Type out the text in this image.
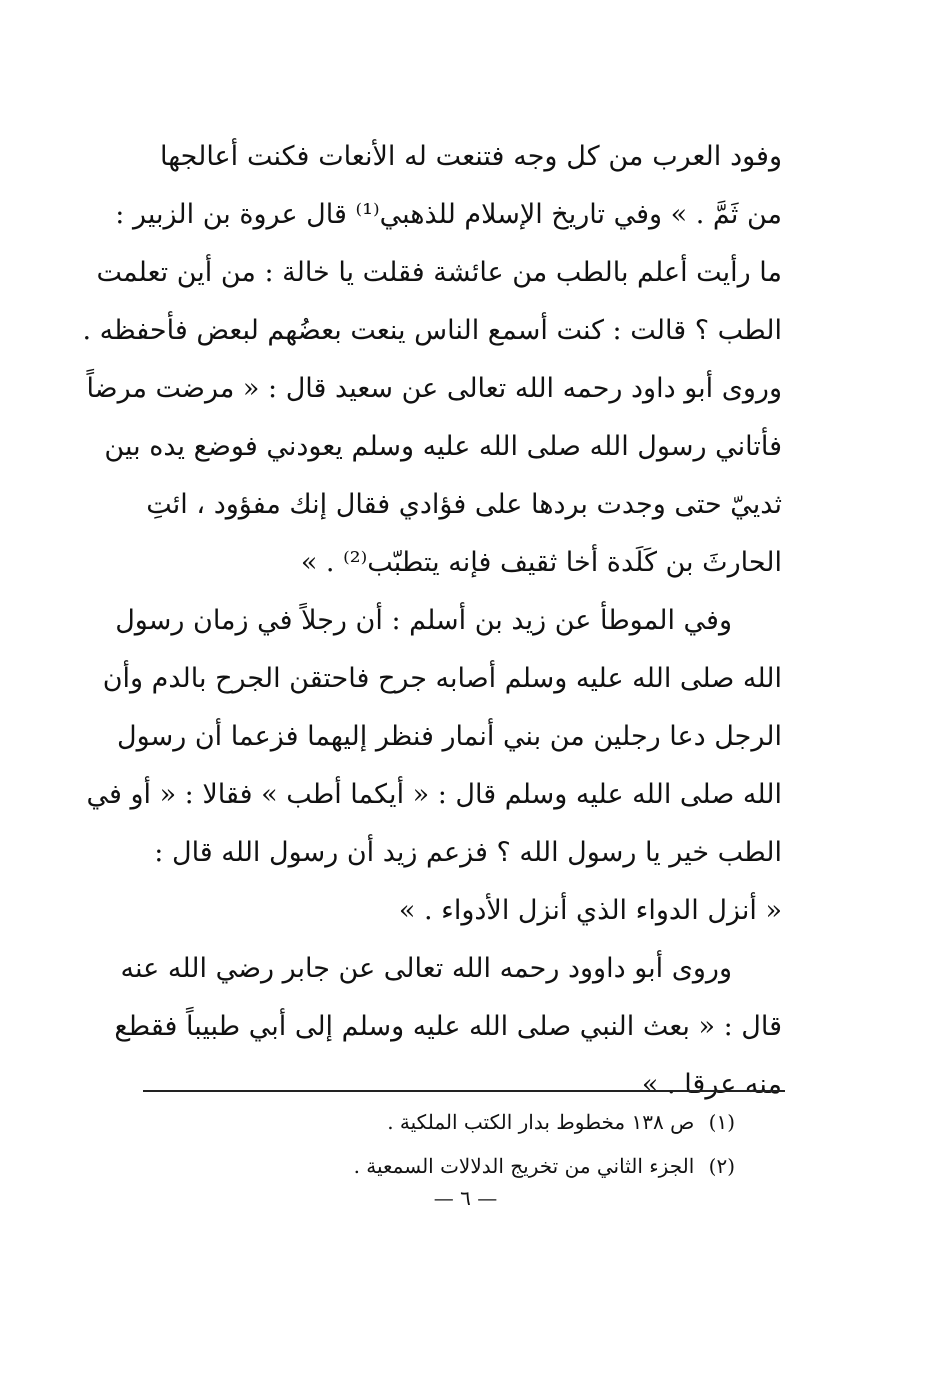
وفود العرب من كل وجه فتنعت له الأنعات فكنت أعالجها
من ثَمَّ . » وفي تاريخ الإسلام للذهبي⁽¹⁾ قال عروة بن الزبير :
ما رأيت أعلم بالطب من عائشة فقلت يا خالة : من أين تعلمت
الطب ؟ قالت : كنت أسمع الناس ينعت بعضُهم لبعض فأحفظه .
وروى أبو داود رحمه الله تعالى عن سعيد قال : « مرضت مرضاً
فأتاني رسول الله صلى الله عليه وسلم يعودني فوضع يده بين
ثدييّ حتى وجدت بردها على فؤادي فقال إنك مفؤود ، ائتِ
الحارثَ بن كَلَدة أخا ثقيف فإنه يتطبّب⁽²⁾ . »
وفي الموطأ عن زيد بن أسلم : أن رجلاً في زمان رسول
الله صلى الله عليه وسلم أصابه جرح فاحتقن الجرح بالدم وأن
الرجل دعا رجلين من بني أنمار فنظر إليهما فزعما أن رسول
الله صلى الله عليه وسلم قال : « أيكما أطب » فقالا : « أو في
الطب خير يا رسول الله ؟ فزعم زيد أن رسول الله قال :
« أنزل الدواء الذي أنزل الأدواء . »
وروى أبو داوود رحمه الله تعالى عن جابر رضي الله عنه
قال : « بعث النبي صلى الله عليه وسلم إلى أبي طبيباً فقطع
منه عرقا . »
(١) ص ١٣٨ مخطوط بدار الكتب الملكية .
(٢) الجزء الثاني من تخريج الدلالات السمعية .
— ٦ —
